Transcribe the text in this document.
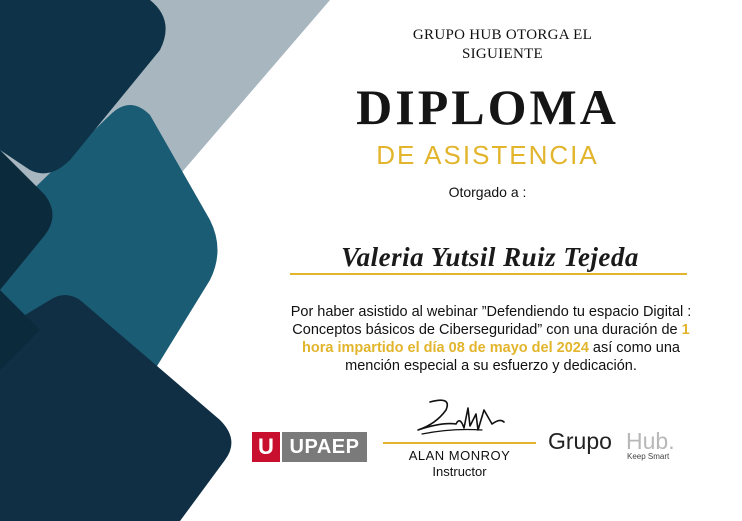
GRUPO HUB OTORGA EL
SIGUIENTE
DIPLOMA
DE ASISTENCIA
Otorgado a :
Valeria Yutsil Ruiz Tejeda
Por haber asistido al webinar ”Defendiendo tu espacio Digital : Conceptos básicos de Ciberseguridad” con una duración de 1 hora impartido el día 08 de mayo del 2024 así como una mención especial a su esfuerzo y dedicación.
U UPAEP	ALAN MONROY
Instructor
Grupo Hub.
Keep Smart
